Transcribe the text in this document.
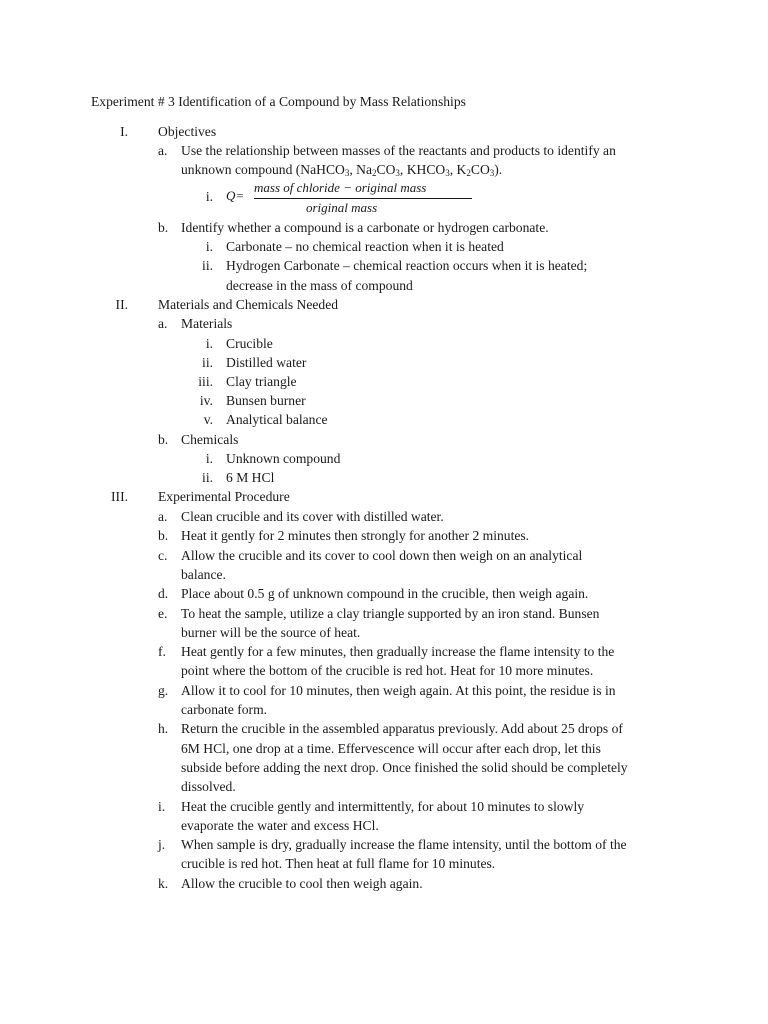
Experiment # 3 Identification of a Compound by Mass Relationships
I. Objectives
a. Use the relationship between masses of the reactants and products to identify an
unknown compound (NaHCO$_3$, $Na_2CO_3$, $KHCO_3$, $K_2CO_3$).
i. Q=
mass of chloride − original mass
original mass
b. Identify whether a compound is a carbonate or hydrogen carbonate.
i. Carbonate – no chemical reaction when it is heated
ii. Hydrogen Carbonate – chemical reaction occurs when it is heated;
decrease in the mass of compound
II. Materials and Chemicals Needed
a. Materials
i. Crucible
ii. Distilled water
iii. Clay triangle
iv. Bunsen burner
v. Analytical balance
b. Chemicals
i. Unknown compound
ii. 6 M HCl
III. Experimental Procedure
a. Clean crucible and its cover with distilled water.
b. Heat it gently for 2 minutes then strongly for another 2 minutes.
c. Allow the crucible and its cover to cool down then weigh on an analytical
balance.
d. Place about 0.5 g of unknown compound in the crucible, then weigh again.
e. To heat the sample, utilize a clay triangle supported by an iron stand. Bunsen
burner will be the source of heat.
f.	Heat gently for a few minutes, then gradually increase the flame intensity to the
point where the bottom of the crucible is red hot. Heat for 10 more minutes.
g. Allow it to cool for 10 minutes, then weigh again. At this point, the residue is in
carbonate form.
h. Return the crucible in the assembled apparatus previously. Add about 25 drops of
6M HCl, one drop at a time. Effervescence will occur after each drop, let this
subside before adding the next drop. Once finished the solid should be completely
dissolved.
i.	Heat the crucible gently and intermittently, for about 10 minutes to slowly
evaporate the water and excess HCl.
j.	When sample is dry, gradually increase the flame intensity, until the bottom of the
crucible is red hot. Then heat at full flame for 10 minutes.
k. Allow the crucible to cool then weigh again.
